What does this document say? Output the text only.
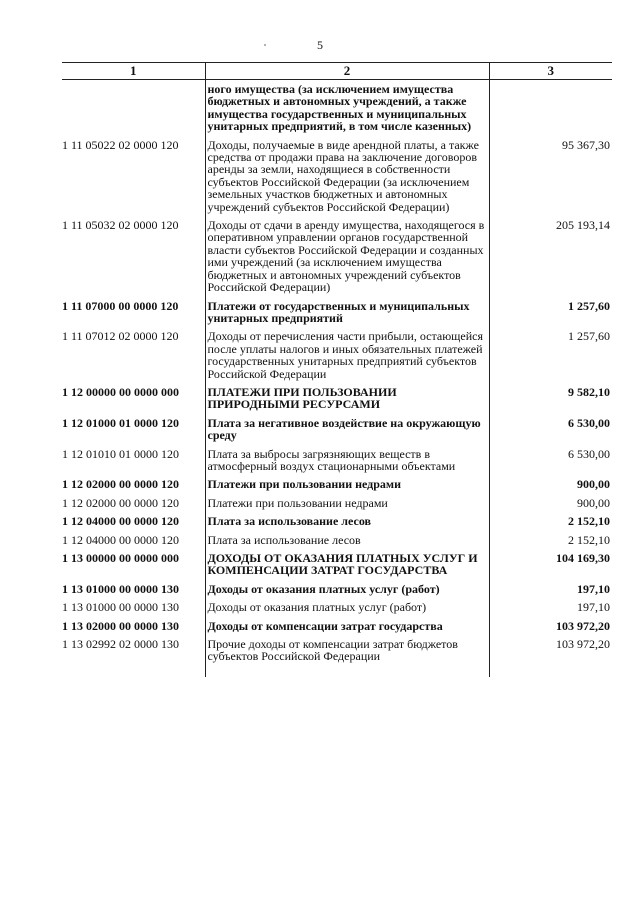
5
1	2	3
	ного имущества (за исключением имущества бюджетных и автономных учреждений, а также имущества государственных и муниципальных унитарных предприятий, в том числе казенных)	
1 11 05022 02 0000 120	Доходы, получаемые в виде арендной платы, а также средства от продажи права на заключение договоров аренды за земли, находящиеся в собственности субъектов Российской Федерации (за исключением земельных участков бюджетных и автономных учреждений субъектов Российской Федерации)	95 367,30
1 11 05032 02 0000 120	Доходы от сдачи в аренду имущества, находящегося в оперативном управлении органов государственной власти субъектов Российской Федерации и созданных ими учреждений (за исключением имущества бюджетных и автономных учреждений субъектов Российской Федерации)	205 193,14
1 11 07000 00 0000 120	Платежи от государственных и муниципальных унитарных предприятий	1 257,60
1 11 07012 02 0000 120	Доходы от перечисления части прибыли, остающейся после уплаты налогов и иных обязательных платежей государственных унитарных предприятий субъектов Российской Федерации	1 257,60
1 12 00000 00 0000 000	ПЛАТЕЖИ ПРИ ПОЛЬЗОВАНИИ ПРИРОДНЫМИ РЕСУРСАМИ	9 582,10
1 12 01000 01 0000 120	Плата за негативное воздействие на окружающую среду	6 530,00
1 12 01010 01 0000 120	Плата за выбросы загрязняющих веществ в атмосферный воздух стационарными объектами	6 530,00
1 12 02000 00 0000 120	Платежи при пользовании недрами	900,00
1 12 02000 00 0000 120	Платежи при пользовании недрами	900,00
1 12 04000 00 0000 120	Плата за использование лесов	2 152,10
1 12 04000 00 0000 120	Плата за использование лесов	2 152,10
1 13 00000 00 0000 000	ДОХОДЫ ОТ ОКАЗАНИЯ ПЛАТНЫХ УСЛУГ И КОМПЕНСАЦИИ ЗАТРАТ ГОСУДАРСТВА	104 169,30
1 13 01000 00 0000 130	Доходы от оказания платных услуг (работ)	197,10
1 13 01000 00 0000 130	Доходы от оказания платных услуг (работ)	197,10
1 13 02000 00 0000 130	Доходы от компенсации затрат государства	103 972,20
1 13 02992 02 0000 130	Прочие доходы от компенсации затрат бюджетов субъектов Российской Федерации	103 972,20
